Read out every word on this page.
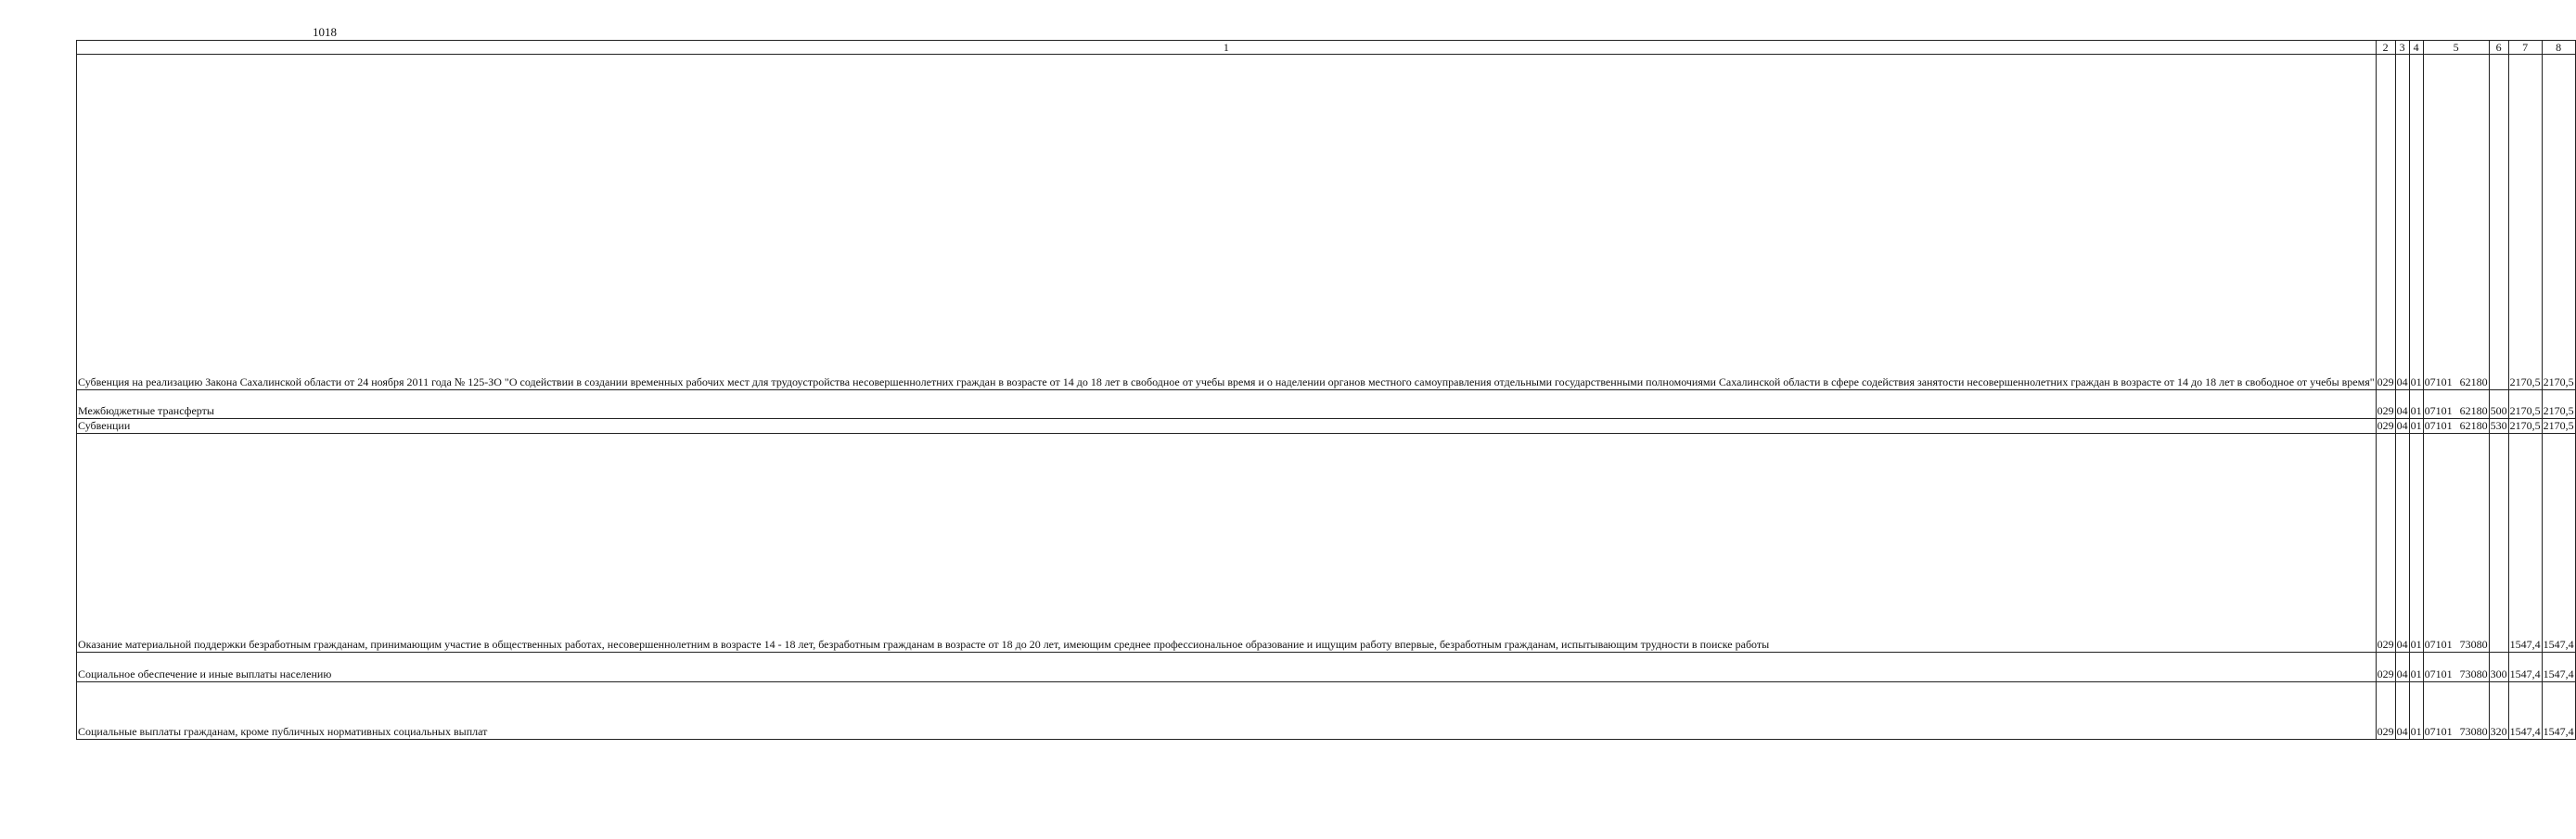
1018
1	2	3	4	5	6	7	8

Субвенция на реализацию Закона Сахалинской области от 24 ноября 2011 года № 125-ЗО "О содействии в создании временных рабочих мест для трудоустройства несовершеннолетних граждан в возрасте от 14 до 18 лет в свободное от учебы время и о наделении органов местного самоуправления отдельными государственными полномочиями Сахалинской области в сфере содействия занятости несовершеннолетних граждан в возрасте от 14 до 18 лет в свободное от учебы время"	029	04	01	07101 62180		2170,5	2170,5

Межбюджетные трансферты	029	04	01	07101 62180	500	2170,5	2170,5

Субвенции	029	04	01	07101 62180	530	2170,5	2170,5

Оказание материальной поддержки безработным гражданам, принимающим участие в общественных работах, несовершеннолетним в возрасте 14 - 18 лет, безработным гражданам в возрасте от 18 до 20 лет, имеющим среднее профессиональное образование и ищущим работу впервые, безработным гражданам, испытывающим трудности в поиске работы	029	04	01	07101 73080		1547,4	1547,4

Социальное обеспечение и иные выплаты населению	029	04	01	07101 73080	300	1547,4	1547,4

Социальные выплаты гражданам, кроме публичных нормативных социальных выплат	029	04	01	07101 73080	320	1547,4	1547,4
